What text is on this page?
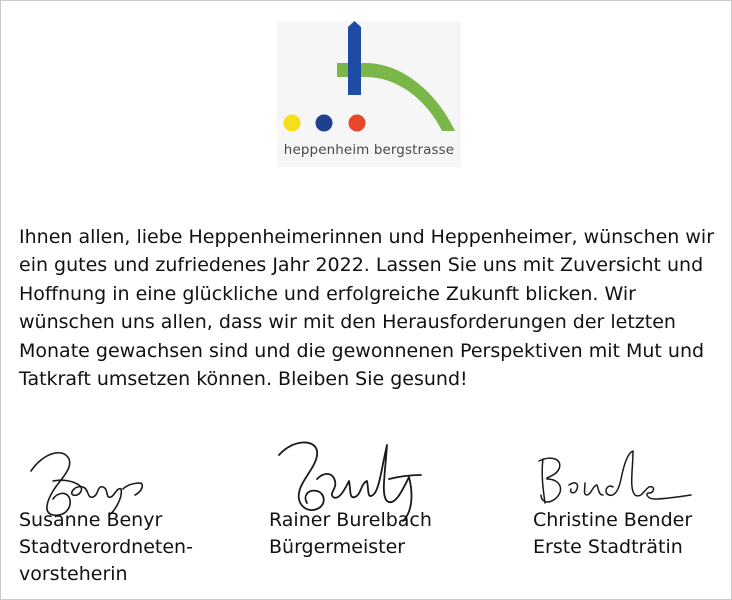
heppenheim bergstrasse

Ihnen allen, liebe Heppenheimerinnen und Heppenheimer, wünschen wir ein gutes und zufriedenes Jahr 2022. Lassen Sie uns mit Zuversicht und Hoffnung in eine glückliche und erfolgreiche Zukunft blicken. Wir wünschen uns allen, dass wir mit den Herausforderungen der letzten Monate gewachsen sind und die gewonnenen Perspektiven mit Mut und Tatkraft umsetzen können. Bleiben Sie gesund!

Susanne Benyr
Stadtverordneten- vorsteherin
Rainer Burelbach
Bürgermeister
Christine Bender
Erste Stadträtin
